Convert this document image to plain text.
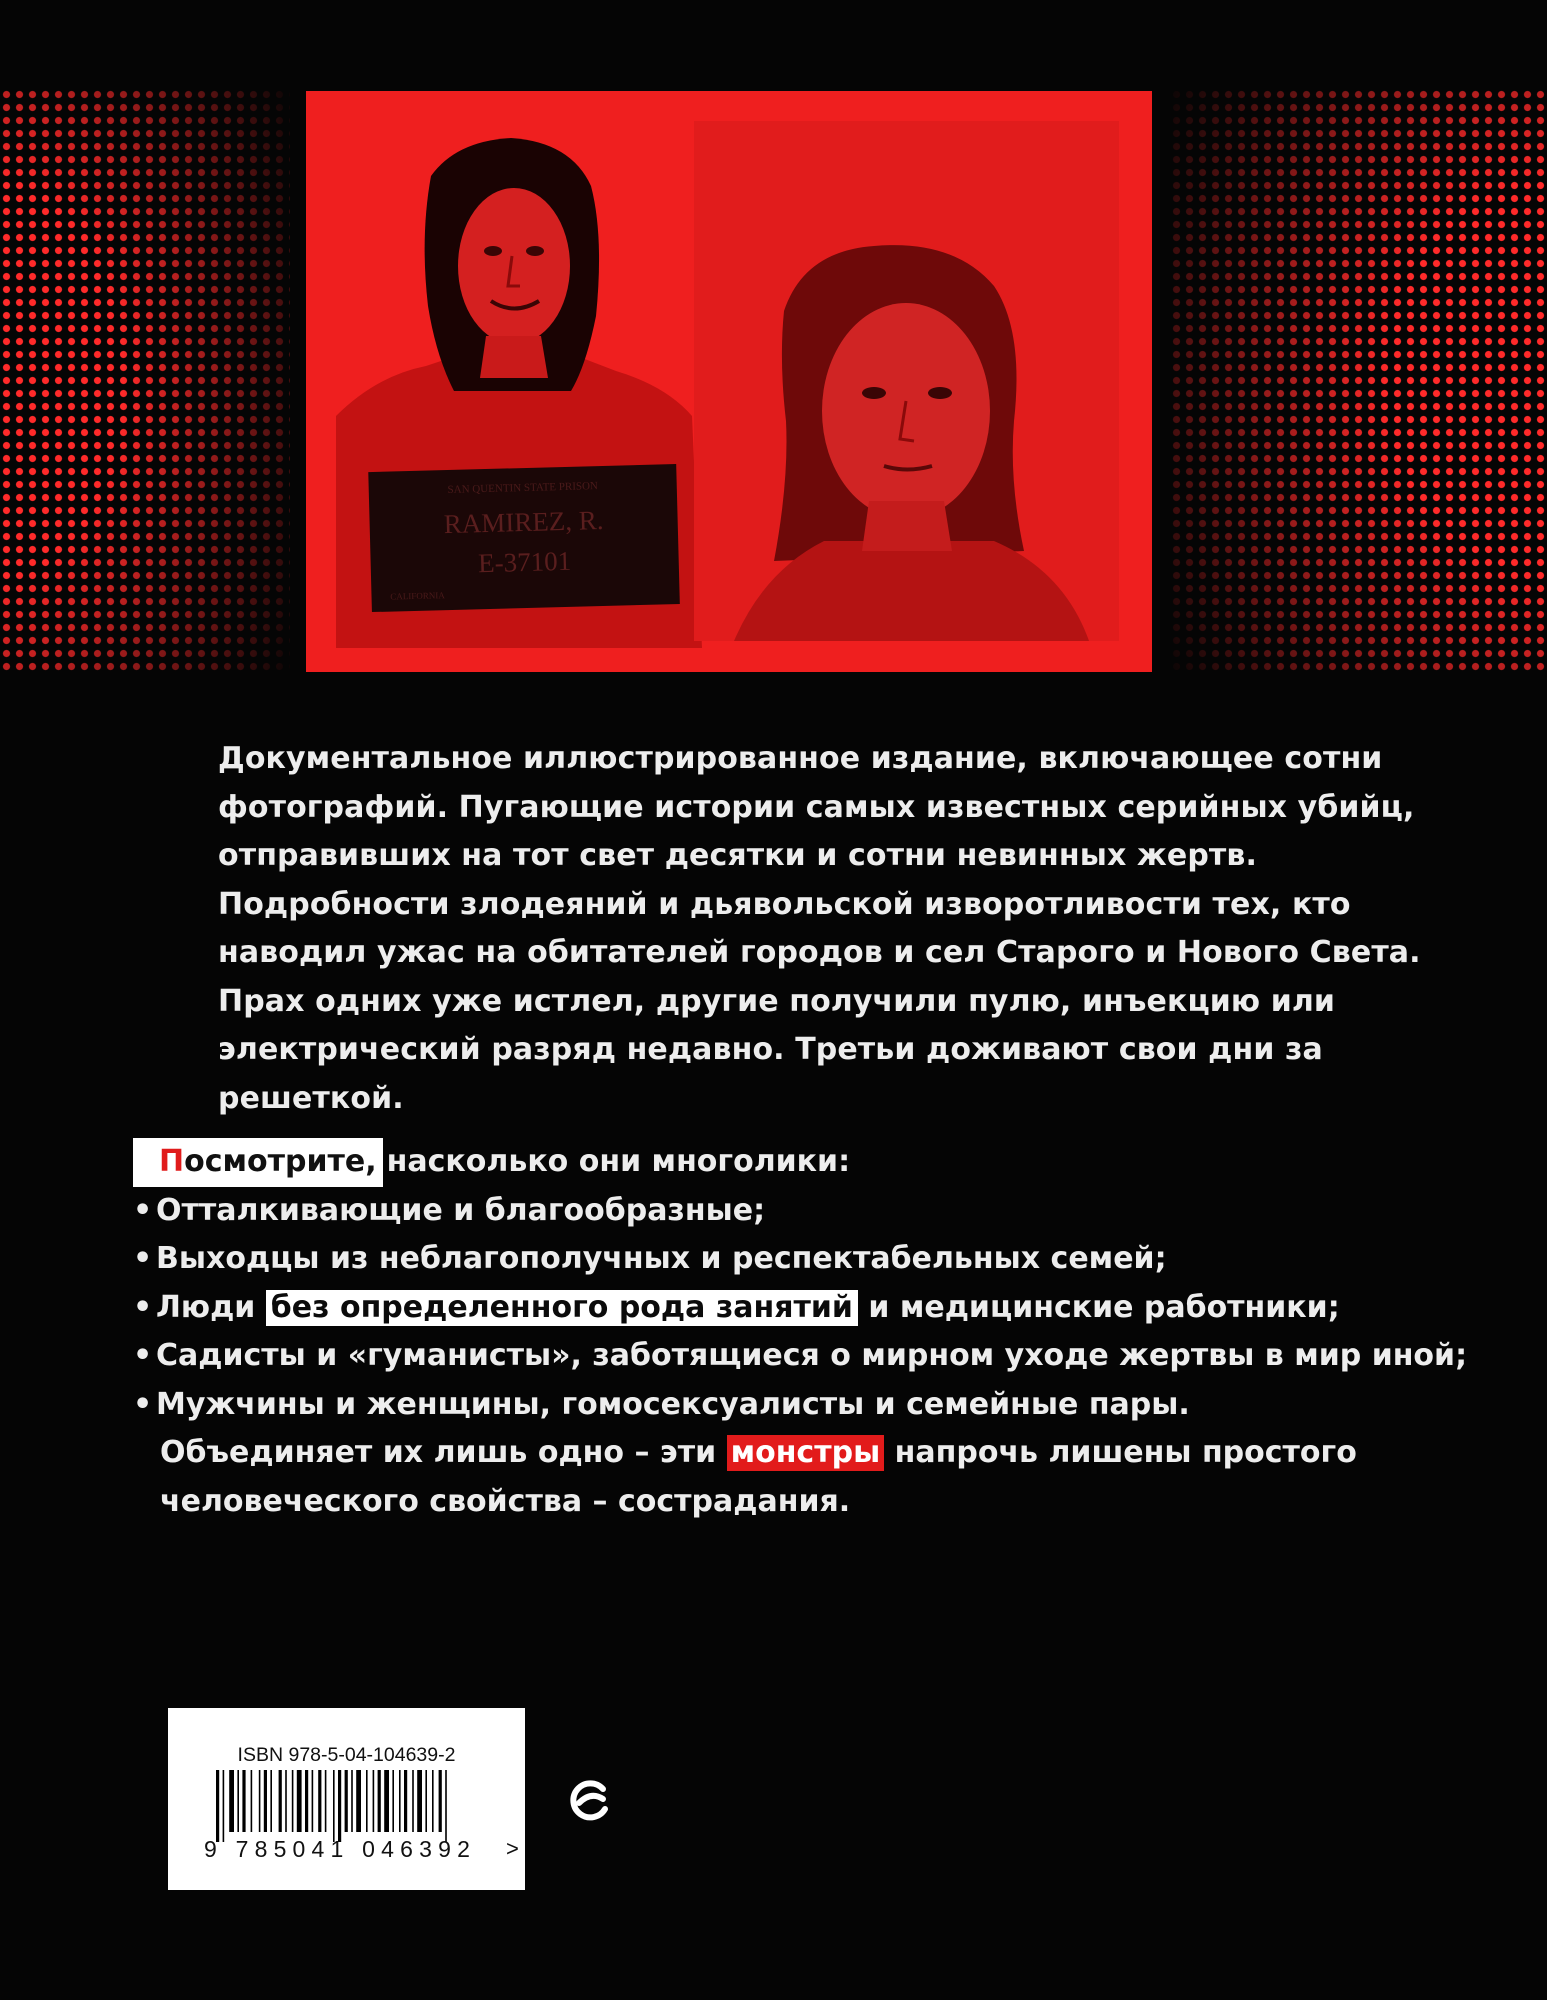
SAN QUENTIN STATE PRISON
RAMIREZ, R.
E-37101
CALIFORNIA

Документальное иллюстрированное издание, включающее сотни фотографий. Пугающие истории самых известных серийных убийц, отправивших на тот свет десятки и сотни невинных жертв. Подробности злодеяний и дьявольской изворотливости тех, кто наводил ужас на обитателей городов и сел Старого и Нового Света. Прах одних уже истлел, другие получили пулю, инъекцию или электрический разряд недавно. Третьи доживают свои дни за решеткой.

Посмотрите, насколько они многолики:
• Отталкивающие и благообразные;
• Выходцы из неблагополучных и респектабельных семей;
• Люди без определенного рода занятий и медицинские работники;
• Садисты и «гуманисты», заботящиеся о мирном уходе жертвы в мир иной;
• Мужчины и женщины, гомосексуалисты и семейные пары.
Объединяет их лишь одно – эти монстры напрочь лишены простого
человеческого свойства – сострадания.
ISBN 978-5-04-104639-2
9 785041 046392	>
